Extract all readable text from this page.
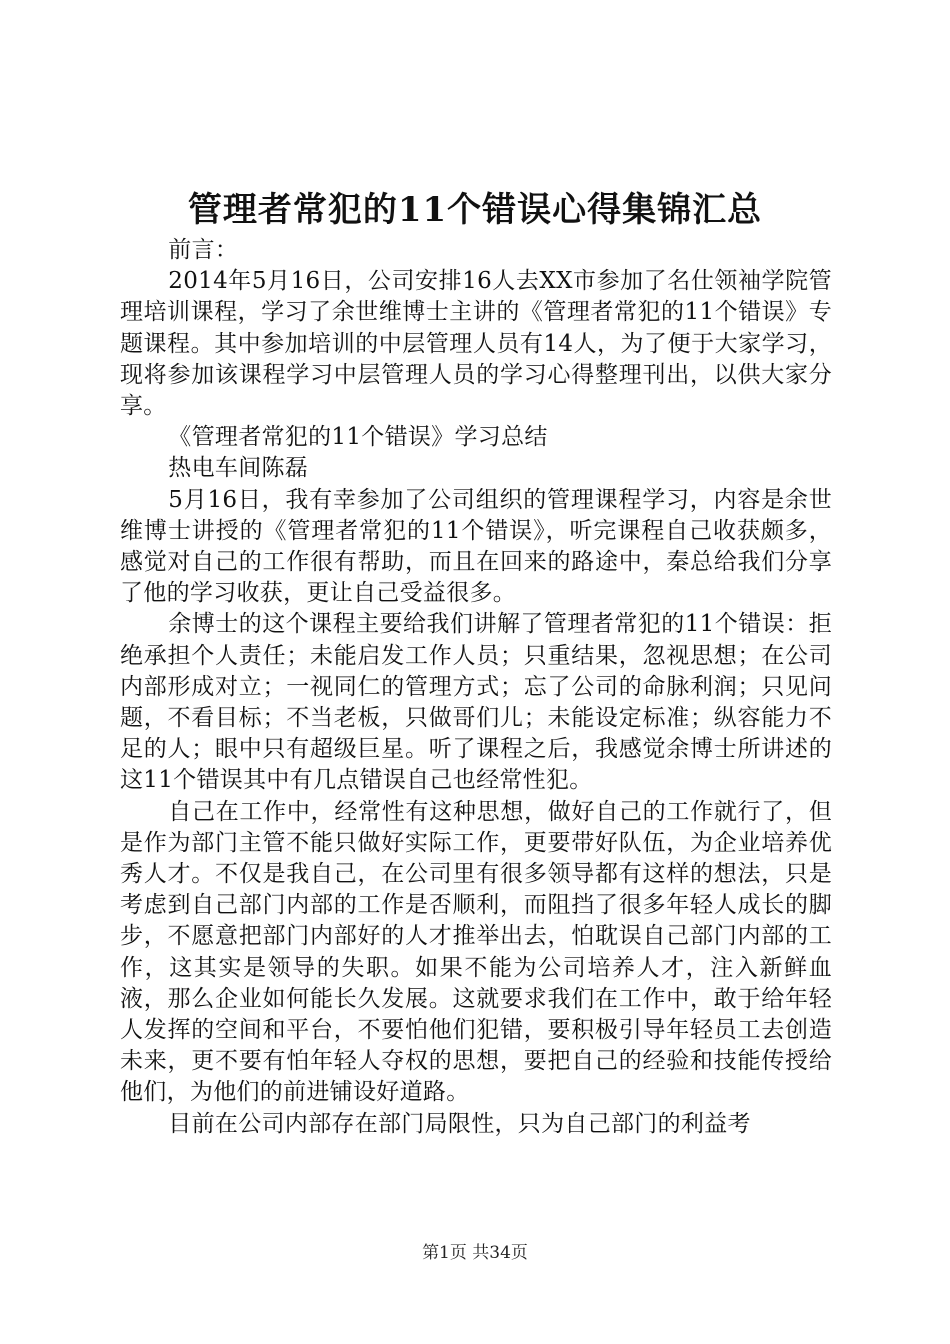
管理者常犯的11个错误心得集锦汇总

前言：

2014年5月16日，公司安排16人去XX市参加了名仕领袖学院管理培训课程，学习了余世维博士主讲的《管理者常犯的11个错误》专题课程。其中参加培训的中层管理人员有14人，为了便于大家学习，现将参加该课程学习中层管理人员的学习心得整理刊出，以供大家分享。

《管理者常犯的11个错误》学习总结

热电车间陈磊

5月16日，我有幸参加了公司组织的管理课程学习，内容是余世维博士讲授的《管理者常犯的11个错误》，听完课程自己收获颇多，感觉对自己的工作很有帮助，而且在回来的路途中，秦总给我们分享了他的学习收获，更让自己受益很多。

余博士的这个课程主要给我们讲解了管理者常犯的11个错误：拒绝承担个人责任；未能启发工作人员；只重结果，忽视思想；在公司内部形成对立；一视同仁的管理方式；忘了公司的命脉利润；只见问题，不看目标；不当老板，只做哥们儿；未能设定标准；纵容能力不足的人；眼中只有超级巨星。听了课程之后，我感觉余博士所讲述的这11个错误其中有几点错误自己也经常性犯。

自己在工作中，经常性有这种思想，做好自己的工作就行了，但是作为部门主管不能只做好实际工作，更要带好队伍，为企业培养优秀人才。不仅是我自己，在公司里有很多领导都有这样的想法，只是考虑到自己部门内部的工作是否顺利，而阻挡了很多年轻人成长的脚步，不愿意把部门内部好的人才推举出去，怕耽误自己部门内部的工作，这其实是领导的失职。如果不能为公司培养人才，注入新鲜血液，那么企业如何能长久发展。这就要求我们在工作中，敢于给年轻人发挥的空间和平台，不要怕他们犯错，要积极引导年轻员工去创造未来，更不要有怕年轻人夺权的思想，要把自己的经验和技能传授给他们，为他们的前进铺设好道路。

目前在公司内部存在部门局限性，只为自己部门的利益考

第1页 共34页
